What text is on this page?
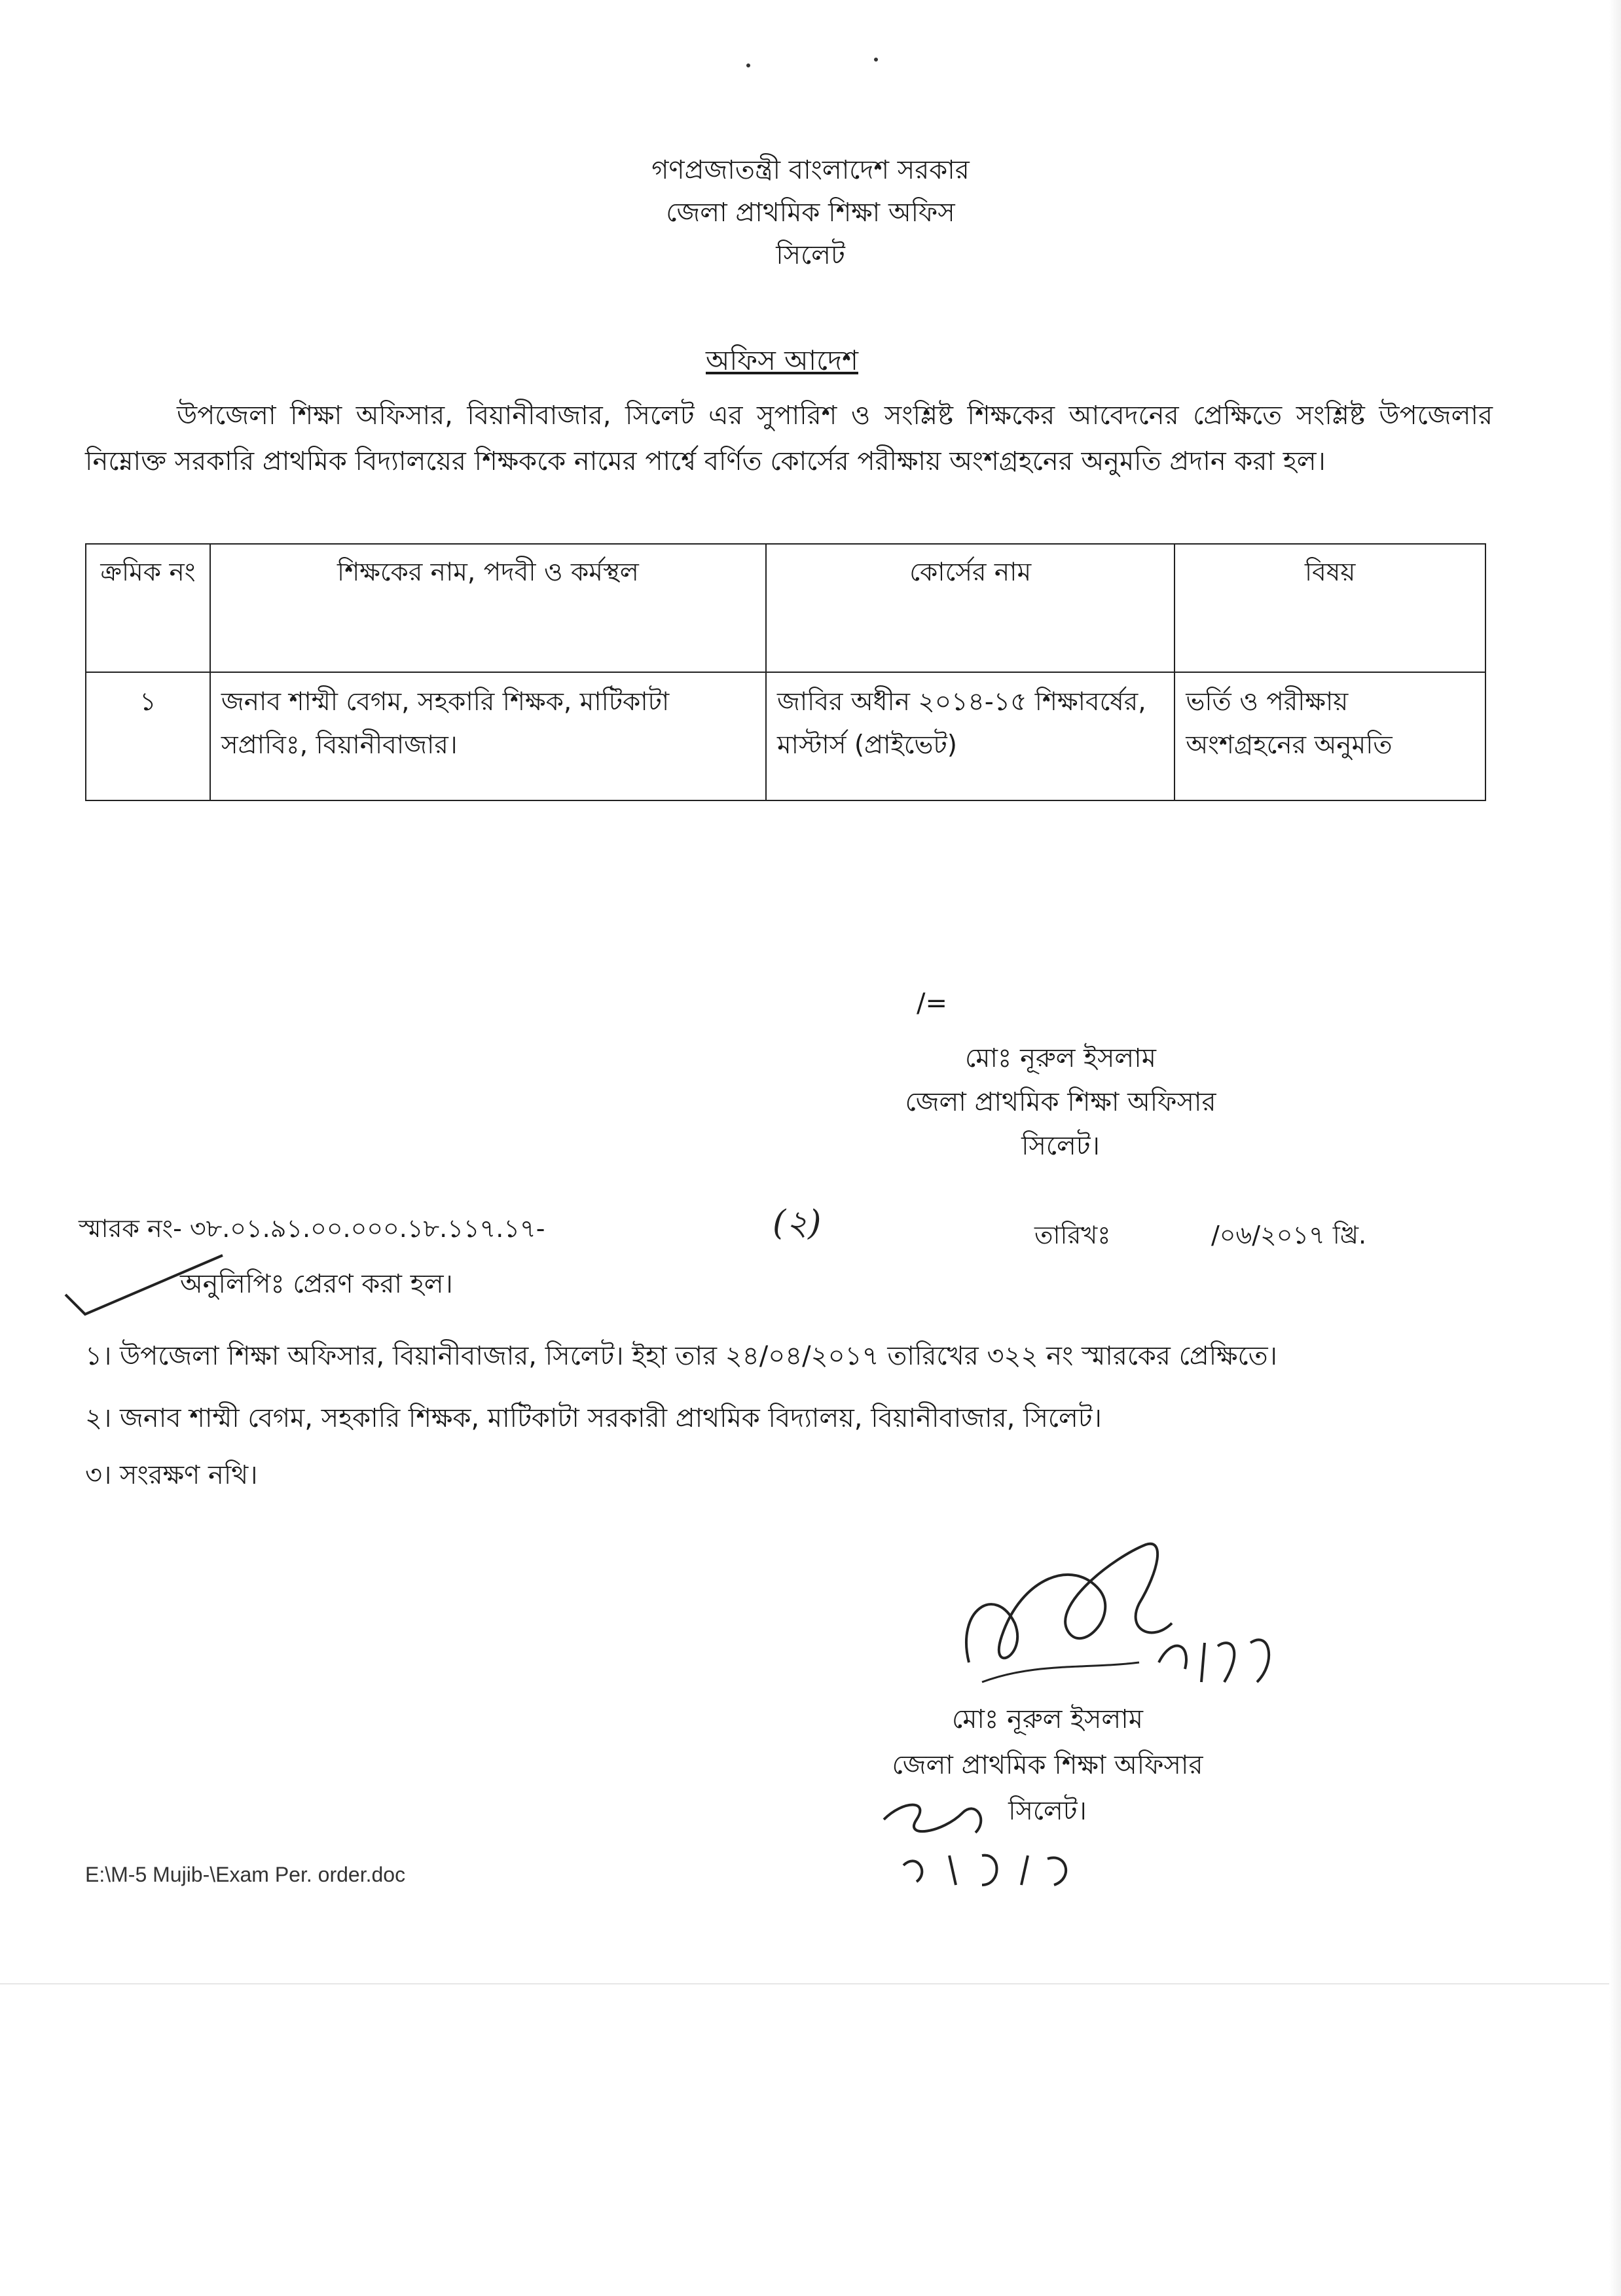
গণপ্রজাতন্ত্রী বাংলাদেশ সরকার
জেলা প্রাথমিক শিক্ষা অফিস
সিলেট
অফিস আদেশ
উপজেলা শিক্ষা অফিসার, বিয়ানীবাজার, সিলেট এর সুপারিশ ও সংশ্লিষ্ট শিক্ষকের আবেদনের প্রেক্ষিতে সংশ্লিষ্ট উপজেলার নিম্নোক্ত সরকারি প্রাথমিক বিদ্যালয়ের শিক্ষককে নামের পার্শ্বে বর্ণিত কোর্সের পরীক্ষায় অংশগ্রহনের অনুমতি প্রদান করা হল।
ক্রমিক নং	শিক্ষকের নাম, পদবী ও কর্মস্থল	কোর্সের নাম	বিষয়
১	জনাব শাম্মী বেগম, সহকারি শিক্ষক, মাটিকাটা সপ্রাবিঃ, বিয়ানীবাজার।	জাবির অধীন ২০১৪-১৫ শিক্ষাবর্ষের, মাস্টার্স (প্রাইভেট)	ভর্তি ও পরীক্ষায় অংশগ্রহনের অনুমতি
/=
মোঃ নূরুল ইসলাম
জেলা প্রাথমিক শিক্ষা অফিসার
সিলেট।
স্মারক নং- ৩৮.০১.৯১.০০.০০০.১৮.১১৭.১৭-	(২)	তারিখঃ	/০৬/২০১৭ খ্রি.
অনুলিপিঃ প্রেরণ করা হল।
১। উপজেলা শিক্ষা অফিসার, বিয়ানীবাজার, সিলেট। ইহা তার ২৪/০৪/২০১৭ তারিখের ৩২২ নং স্মারকের প্রেক্ষিতে।
২। জনাব শাম্মী বেগম, সহকারি শিক্ষক, মাটিকাটা সরকারী প্রাথমিক বিদ্যালয়, বিয়ানীবাজার, সিলেট।
৩। সংরক্ষণ নথি।
মোঃ নূরুল ইসলাম
জেলা প্রাথমিক শিক্ষা অফিসার
সিলেট।
E:\M-5 Mujib-\Exam Per. order.doc
